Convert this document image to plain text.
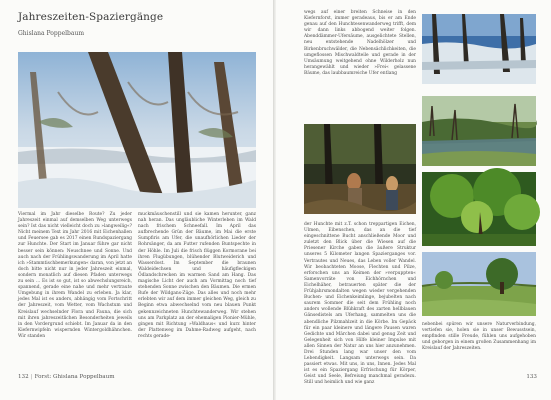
Jahreszeiten-Spaziergänge
Ghislana Poppelbaum

Viermal im Jahr dieselbe Route? Zu jeder Jahreszeit einmal auf demselben Weg unterwegs sein? Ist das nicht vielleicht doch zu »langweilig«? Nicht meinem Text im Jahr 2016 mit Eichenhallen und Feuersee gab es 2017 einen Rundspaziergang zur Hunchte. Der Start im Januar führe gar nicht besser sein können: Neuschnee und Sonne. Und auch nach der Frühlingswanderung im April hatte ich »Stammtischbemerkungen« daran, von jetzt an doch bitte nicht nur in jeder Jahreszeit einmal, sondern monatlich auf diesen Pfaden unterwegs zu sein … Es ist so gut, ist so abwechslungsreich, spannend, gerade eine nahe und mehr vertraute Umgebung in ihrem Wandel zu erleben. Ja klar, jedes Mal ist es anders, abhängig vom Fortschritt der Jahreszeit, vom Wetter, vom Wachstum und Kreislauf wechselnder Flora und Fauna, die sich mit ihren jahreszeitlichen Besonderheiten jeweils in den Vordergrund schiebt. Im Januar da in den Kiefernwipfeln wispernden Wintergoldhähnchen. Wir standen

muckmäuschenstill und sie kamen herunter, ganz nah heran. Das ungläubliche Winterleben im Wald nach frischem Schneefall. Im April das aufbrechende Grün der Bäume, im Mai die erste Sumpfiris am Ufer, die unaufhörlichen Lieder der Rohrsänger, da am Futter rufenden Buntspechte in der Höhle. Im Juli die frisch flüggen Kormorane bei ihren Flugübungen, blühender Blutweiderich und Wasserdost. Im September die braunen Waldeidechsen und häufigfleckigen Ödlandschrecken im warmen Sand am Hang. Das magische Licht der auch am Vormittag noch tief stehenden Sonne zwischen den Bäumen. Die ermen Rufe der Wildgans-Züge. Das alles und noch mehr erlebten wir auf dem immer gleichen Weg, gleich zu Beginn etwa abwechselnd vom neu blauen Punkt gekennzeichneten Hunchtewanderweg. Wir stehen uns am Parkplatz an der ehemaligen Pionier-Mühle, gingen mit Richtung »Waldhaus« und kurz hinter der Plattenweg im Dahme-Radweg aufgeht, nach rechts gerade-

132 | Forst: Ghislana Poppelbaum

wegs auf einer breiten Schneise in den Kiefernforst, immer geradeaus, bis er am Ende genau auf den Hunchtesenwanderweg trifft, dem wir dann links abbogend weiter folgen. Abenddämmer-Ufersäume, ausgelichtete Stellen, neu entstehende Nadelhölzer und Birkenbruchwälder, die Nebensächlichkeiten, die umgeflossen Mischwaldteile und gerade in der Umsäumung weitgehend ohne Wilderholz nun herangewählt und wieder »Frei« gelassene Bäume, das laubbaumreiche Ufer entlang

der Hunchte mit z.T. schon treppartigen Eichen, Ulmen, Eibenschen, das an die tief eingeschnittene Bucht anschließende Moor und zuletzt den Blick über die Wiesen auf die Priesener Kirche gaben die äußere Struktur unseres 5 Kilometer langen Spazierganges vor. Vertrautes und Neues, das Leben voller Wandel. Wir beobachteten Moose, Flechten und Pilze, erforschen uns an Keimen der »verpuppten« Samenvorräte von Eichhörnchen und Eichelhäher, betrauerten später die der Frühjahrsmondalten wegen wieder vergehenden Buchen- und Eichenkeimlinge, bejubelten nach saurem Sommer die seit dem Frühling noch anders wollende Blühkraft des zarten hellblauen Gänsedistels am Uferhang, sammelten uns die abendliche Pilzmahlzeit in die Körbe. Im Gepäck für ein paar kleinere und längere Pausen waren Gedichte und Märchen dabei und genug Zeit und Gelegenheit sich von Hilfe kleiner Impulse mit allen Sinnen der Natur an uns hier anzunehmen. Drei Stunden lang war unser den vom Lebendigkeit. Langsam unterwegs sein. Da passiert etwas. Mit uns, in uns, Innen. Jedes Mal ist es ein Spaziergang Erfrischung für Körper, Geist und Seele, Befreiung manchmal geradezu. Still und heimlich und wie ganz

nebenbei spüren wir unsere Naturverbindung, vertiefen sie, holen sie in unser Bewusstsein, empfinden stille Freude, fühlen uns aufgehoben und geborgen in einem großen Zusammenhang im Kreislauf der Jahreszeiten.

133
